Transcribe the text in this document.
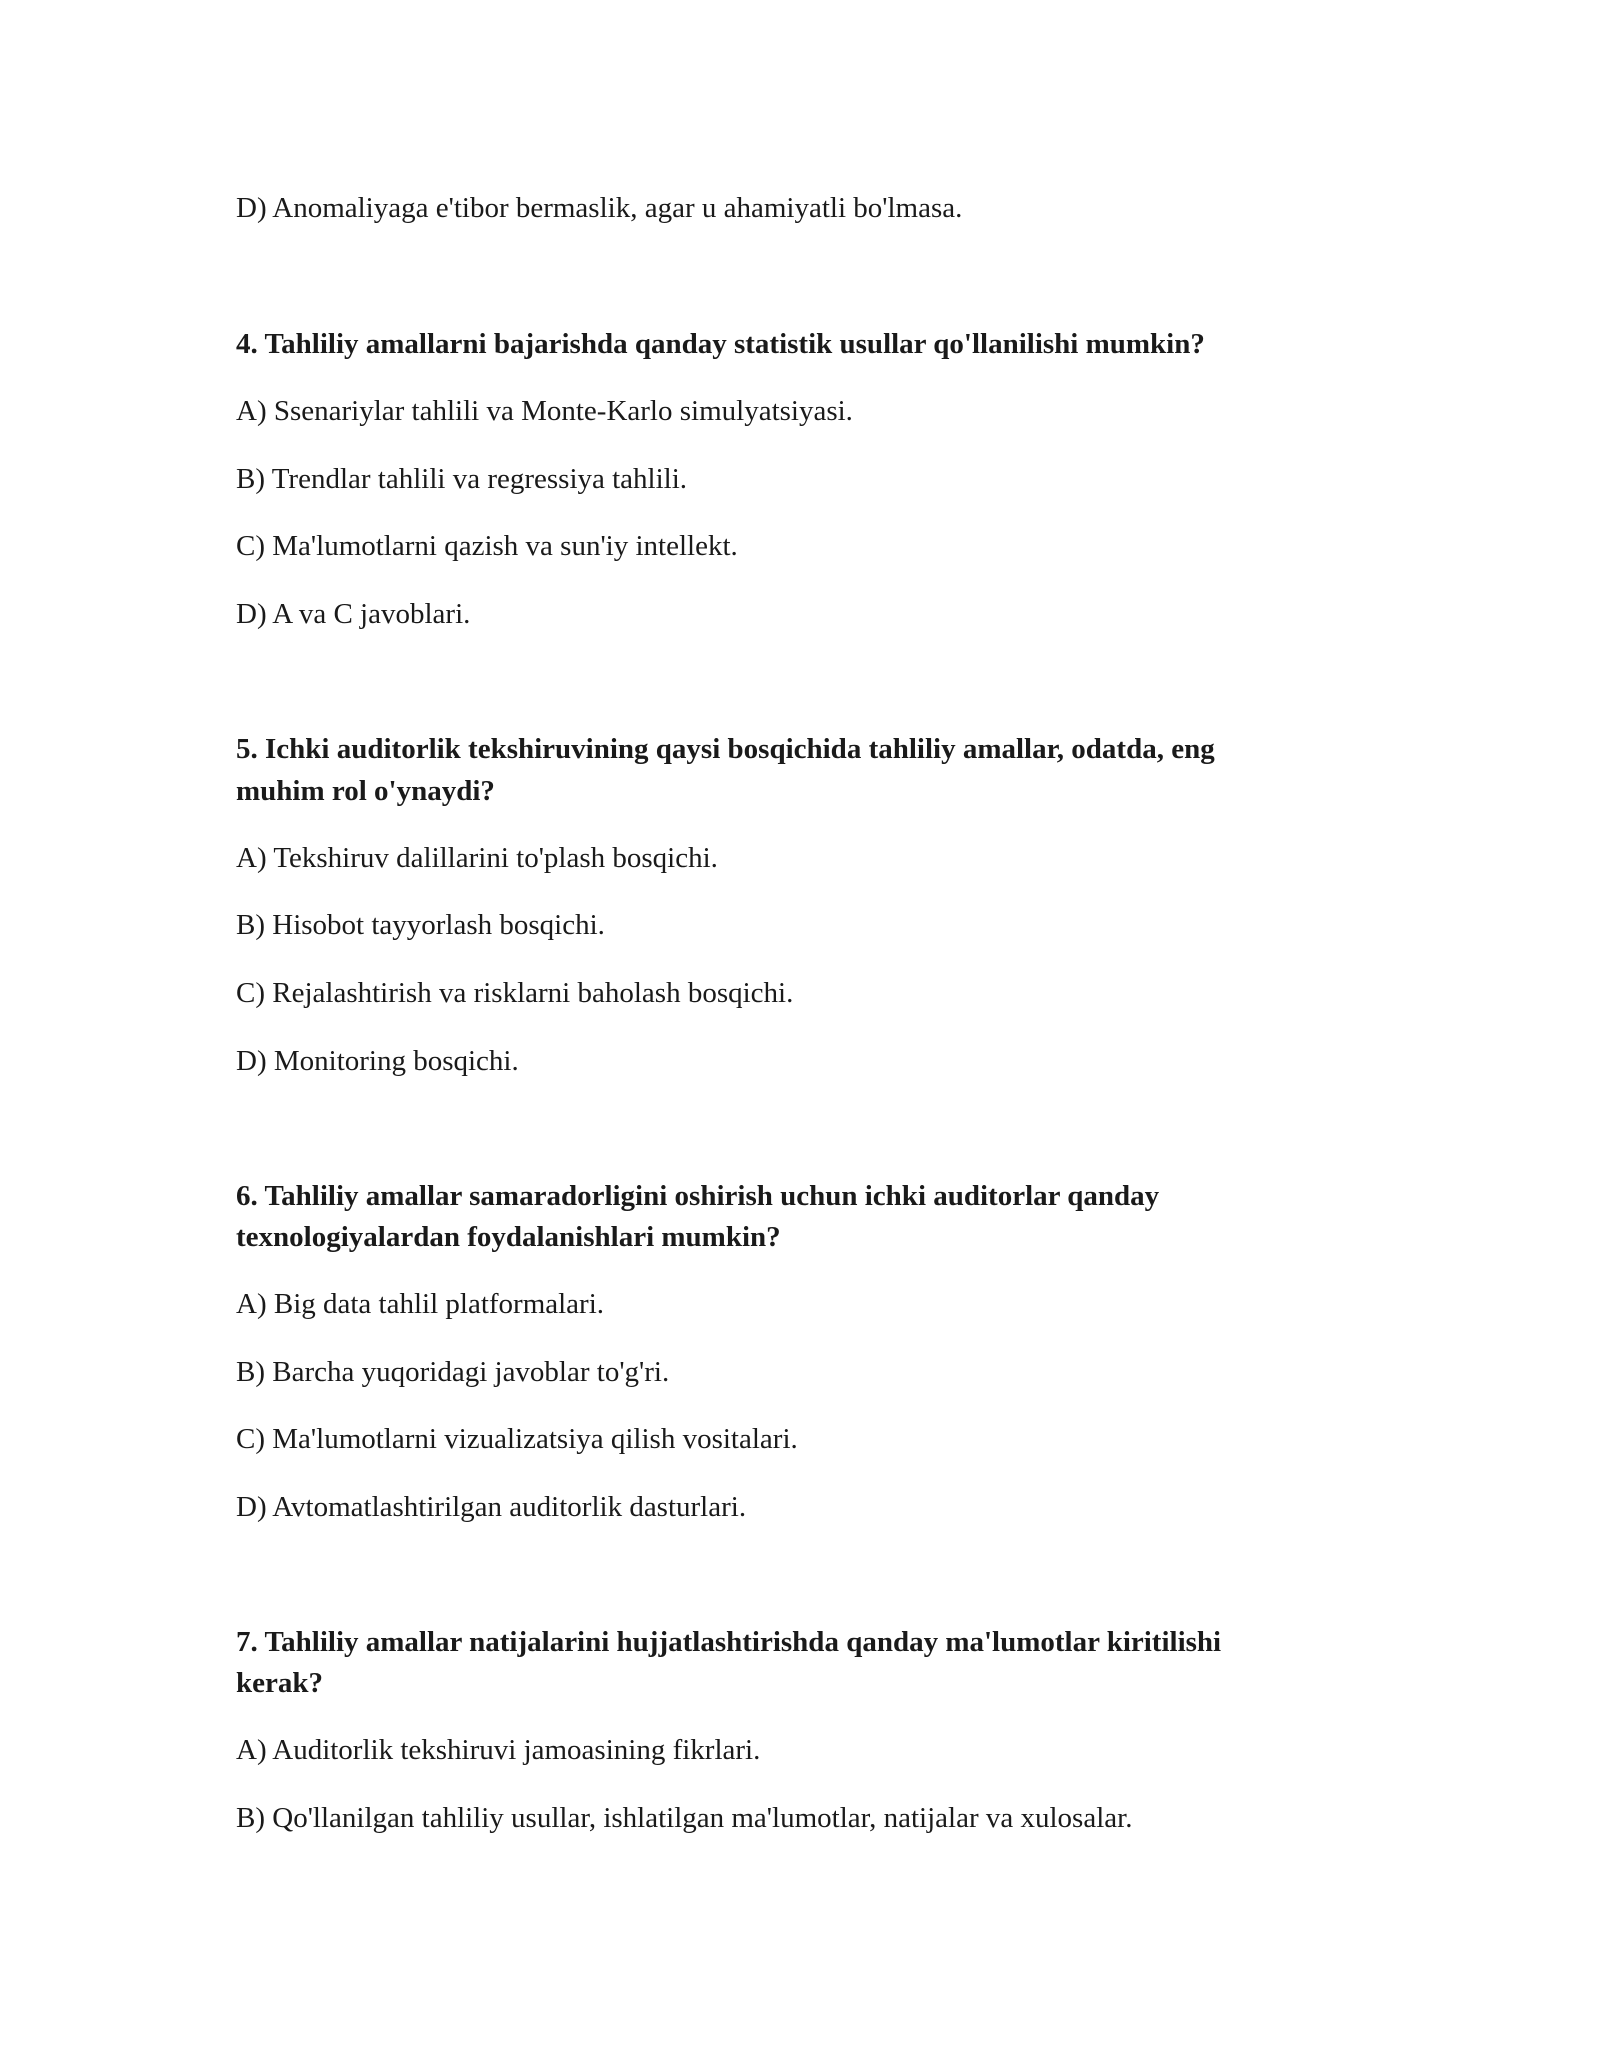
D) Anomaliyaga e'tibor bermaslik, agar u ahamiyatli bo'lmasa.

4. Tahliliy amallarni bajarishda qanday statistik usullar qo'llanilishi mumkin?

A) Ssenariylar tahlili va Monte-Karlo simulyatsiyasi.

B) Trendlar tahlili va regressiya tahlili.

C) Ma'lumotlarni qazish va sun'iy intellekt.

D) A va C javoblari.

5. Ichki auditorlik tekshiruvining qaysi bosqichida tahliliy amallar, odatda, eng

muhim rol o'ynaydi?

A) Tekshiruv dalillarini to'plash bosqichi.

B) Hisobot tayyorlash bosqichi.

C) Rejalashtirish va risklarni baholash bosqichi.

D) Monitoring bosqichi.

6. Tahliliy amallar samaradorligini oshirish uchun ichki auditorlar qanday

texnologiyalardan foydalanishlari mumkin?

A) Big data tahlil platformalari.

B) Barcha yuqoridagi javoblar to'g'ri.

C) Ma'lumotlarni vizualizatsiya qilish vositalari.

D) Avtomatlashtirilgan auditorlik dasturlari.

7. Tahliliy amallar natijalarini hujjatlashtirishda qanday ma'lumotlar kiritilishi

kerak?

A) Auditorlik tekshiruvi jamoasining fikrlari.

B) Qo'llanilgan tahliliy usullar, ishlatilgan ma'lumotlar, natijalar va xulosalar.
